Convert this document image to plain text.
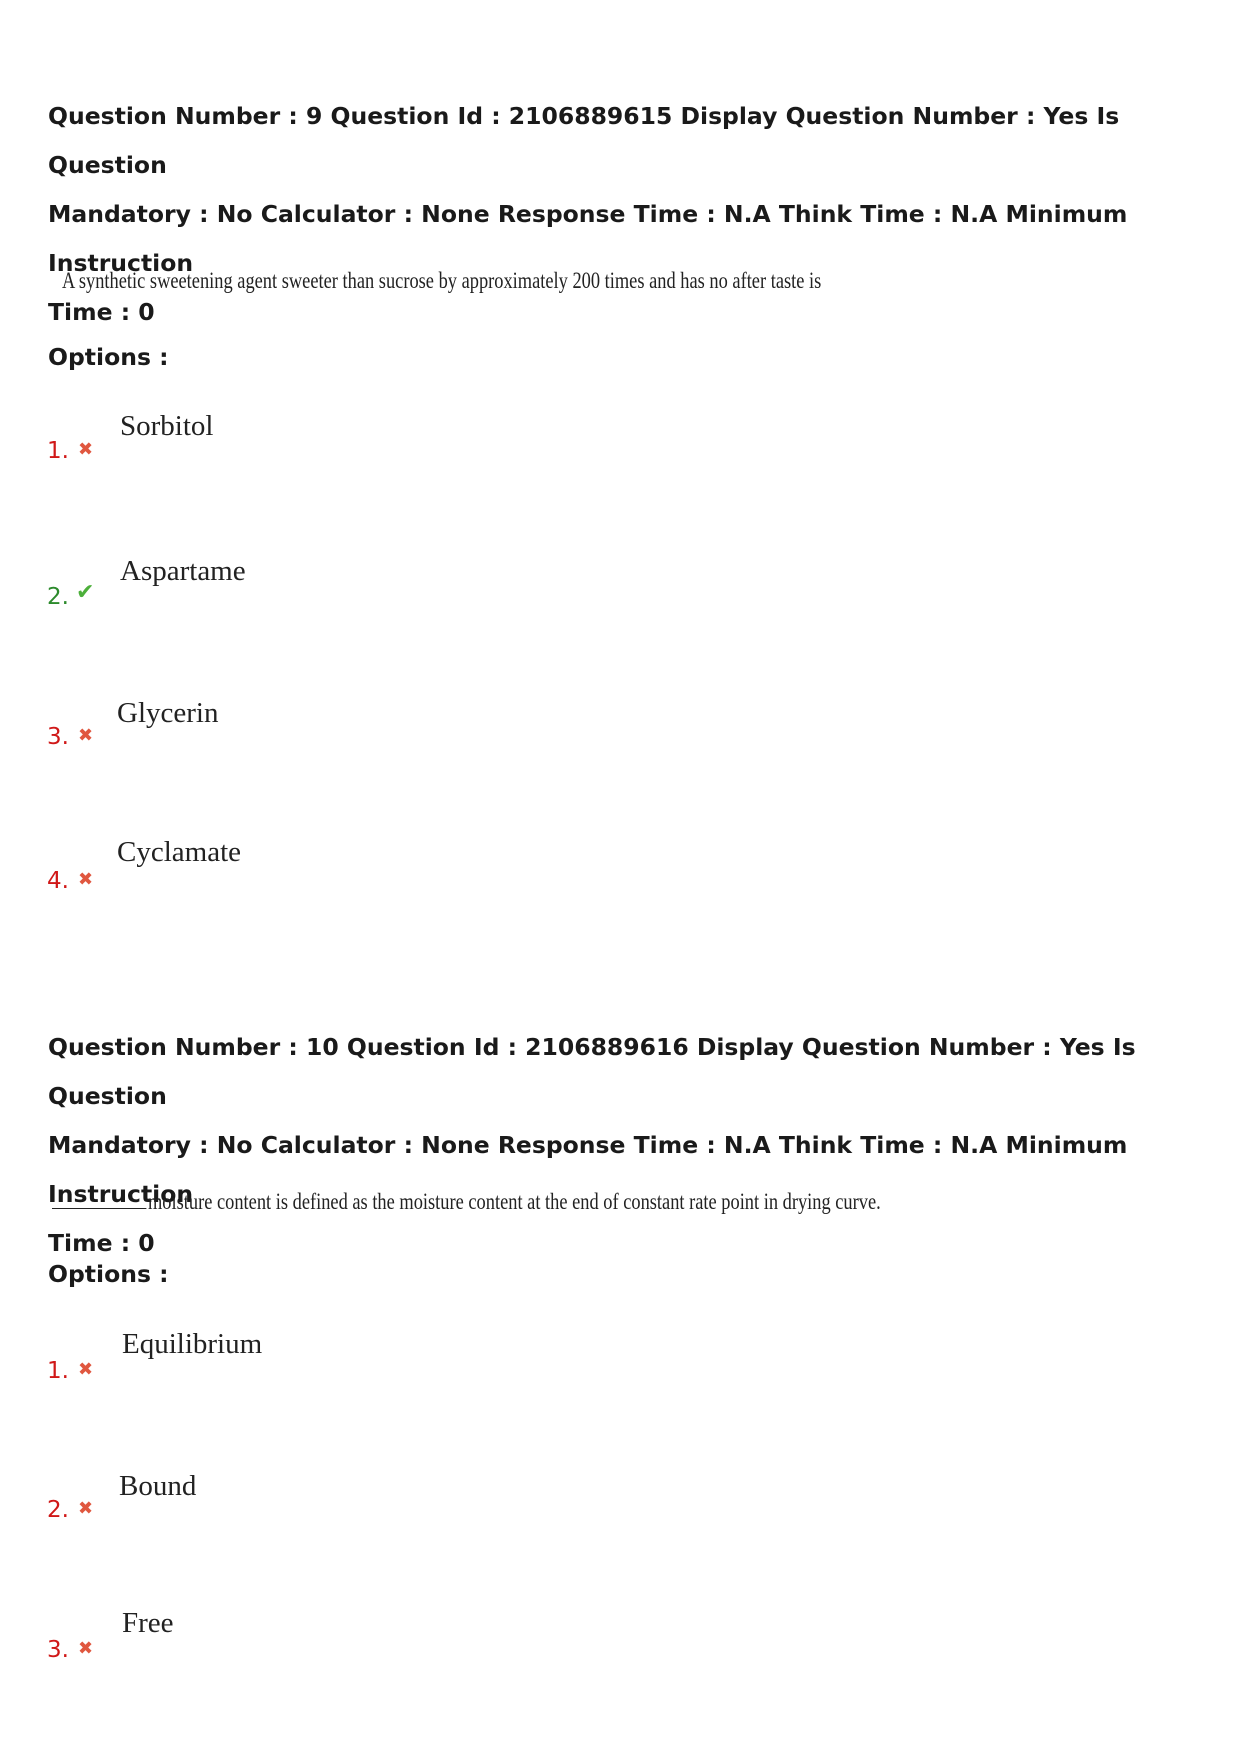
Question Number : 9 Question Id : 2106889615 Display Question Number : Yes Is Question
Mandatory : No Calculator : None Response Time : N.A Think Time : N.A Minimum Instruction
Time : 0
A synthetic sweetening agent sweeter than sucrose by approximately 200 times and has no after taste is
Options :
1. ✖
Sorbitol
2. ✔
Aspartame
3. ✖
Glycerin
4. ✖
Cyclamate
Question Number : 10 Question Id : 2106889616 Display Question Number : Yes Is Question
Mandatory : No Calculator : None Response Time : N.A Think Time : N.A Minimum Instruction
Time : 0
moisture content is defined as the moisture content at the end of constant rate point in drying curve.
Options :
1. ✖
Equilibrium
2. ✖
Bound
3. ✖
Free
